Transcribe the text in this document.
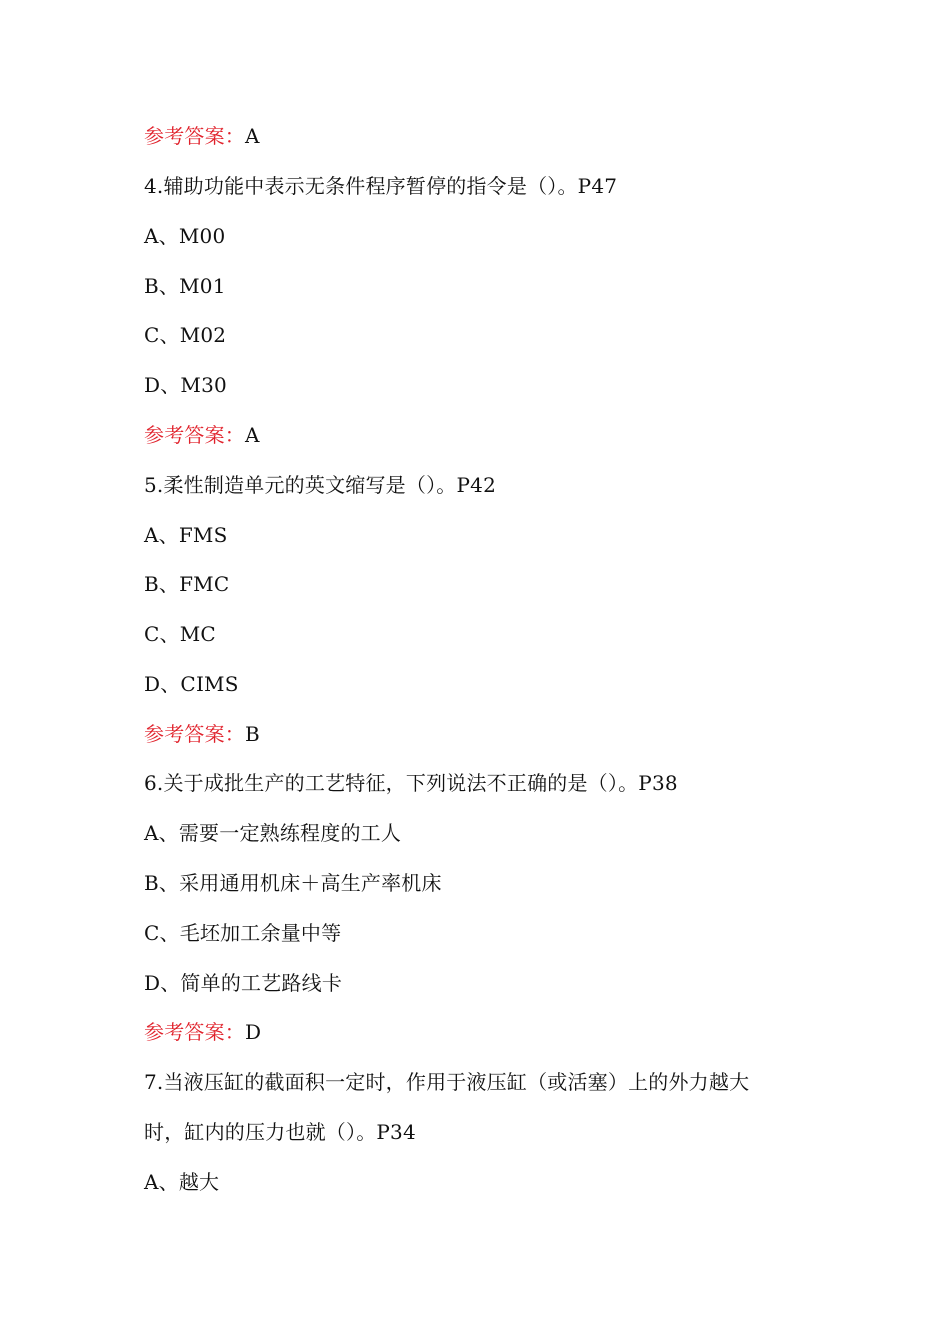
参考答案：A
4.辅助功能中表示无条件程序暂停的指令是（）。P47
A、M00
B、M01
C、M02
D、M30
参考答案：A
5.柔性制造单元的英文缩写是（）。P42
A、FMS
B、FMC
C、MC
D、CIMS
参考答案：B
6.关于成批生产的工艺特征，下列说法不正确的是（）。P38
A、需要一定熟练程度的工人
B、采用通用机床＋高生产率机床
C、毛坯加工余量中等
D、简单的工艺路线卡
参考答案：D
7.当液压缸的截面积一定时，作用于液压缸（或活塞）上的外力越大
时，缸内的压力也就（）。P34
A、越大
